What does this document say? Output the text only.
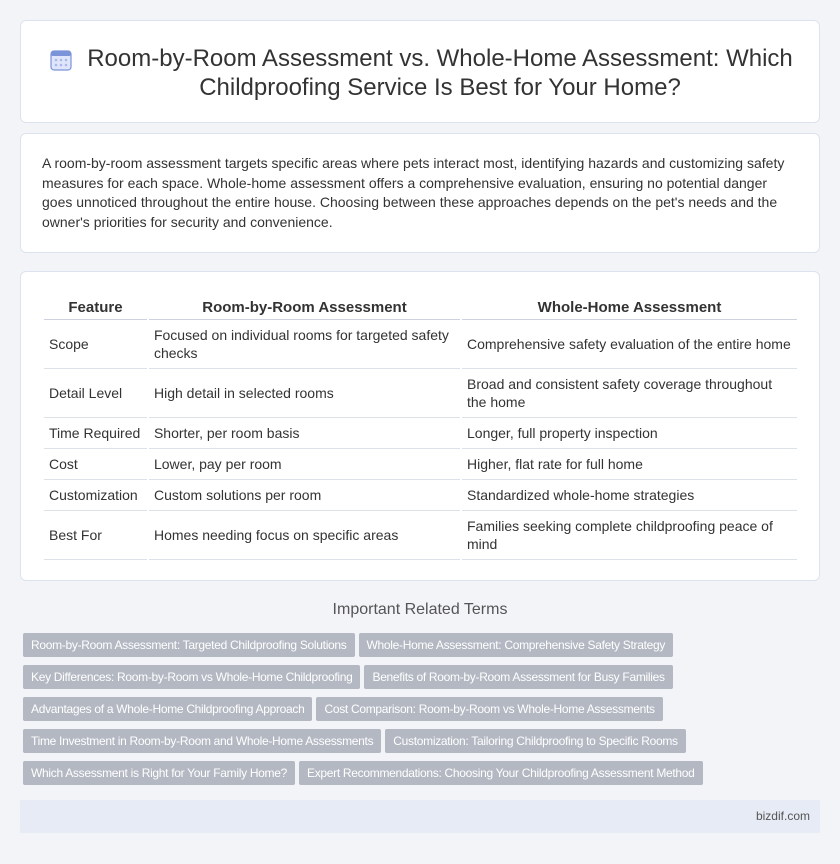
Room-by-Room Assessment vs. Whole-Home Assessment: Which Childproofing Service Is Best for Your Home?

A room-by-room assessment targets specific areas where pets interact most, identifying hazards and customizing safety measures for each space. Whole-home assessment offers a comprehensive evaluation, ensuring no potential danger goes unnoticed throughout the entire house. Choosing between these approaches depends on the pet's needs and the owner's priorities for security and convenience.

Feature	Room-by-Room Assessment	Whole-Home Assessment
Scope	Focused on individual rooms for targeted safety checks	Comprehensive safety evaluation of the entire home
Detail Level	High detail in selected rooms	Broad and consistent safety coverage throughout the home
Time Required	Shorter, per room basis	Longer, full property inspection
Cost	Lower, pay per room	Higher, flat rate for full home
Customization	Custom solutions per room	Standardized whole-home strategies
Best For	Homes needing focus on specific areas	Families seeking complete childproofing peace of mind
Important Related Terms
Room-by-Room Assessment: Targeted Childproofing Solutions Whole-Home Assessment: Comprehensive Safety Strategy
Key Differences: Room-by-Room vs Whole-Home Childproofing Benefits of Room-by-Room Assessment for Busy Families
Advantages of a Whole-Home Childproofing Approach Cost Comparison: Room-by-Room vs Whole-Home Assessments
Time Investment in Room-by-Room and Whole-Home Assessments Customization: Tailoring Childproofing to Specific Rooms
Which Assessment is Right for Your Family Home? Expert Recommendations: Choosing Your Childproofing Assessment Method
bizdif.com
